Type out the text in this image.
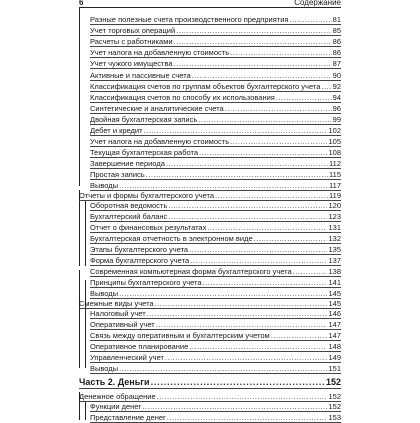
6	Содержание
Разные полезные счета производственного предприятия .....	81
Учет торговых операций .....	85
Расчеты с работниками .....	86
Учет налога на добавленную стоимость .....	86
Учет чужого имущества .....	87
Активные и пассивные счета .....	90
Классификация счетов по группам объектов бухгалтерского учета ..... 92
Классификация счетов по способу их использования .....	94
Синтетические и аналитические счета .....	96
Двойная бухгалтерская запись .....	99
Дебет и кредит .....	102
Учет налога на добавленную стоимость .....	105
Текущая бухгалтерская работа .....	108
Завершение периода .....	112
Простая запись .....	115
Выводы .....	117
Отчеты и формы бухгалтерского учета .....	119
Оборотная ведомость .....	120
Бухгалтерский баланс .....	123
Отчет о финансовых результатах .....	131
Бухгалтерская отчетность в электронном виде .....	132
Этапы бухгалтерского учета .....	135
Форма бухгалтерского учета .....	137
Современная компьютерная форма бухгалтерского учета .....	138
Принципы бухгалтерского учета .....	141
Выводы .....	145
Смежные виды учета .....	145
Налоговый учет .....	146
Оперативный учет .....	147
Связь между оперативным и бухгалтерским учетом .....	147
Оперативное планирование .....	148
Управленческий учет .....	149
Выводы .....	151
Часть 2. Деньги .....	152
Денежное обращение .....	152
Функции денег .....	152
Представление денег .....	153
